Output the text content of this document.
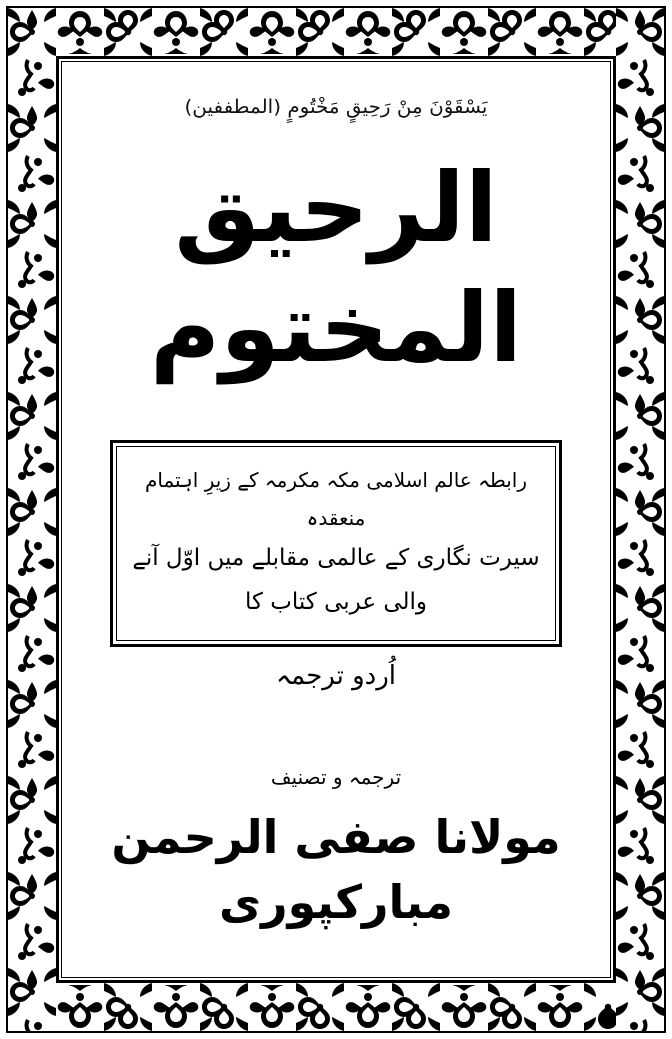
يَسْقَوْنَ مِنْ رَحِيقٍ مَخْتُومٍ (المطففين)
الرحيق المختوم
رابطہ عالم اسلامی مکہ مکرمہ کے زیرِ اہتمام منعقدہ
سیرت نگاری کے عالمی مقابلے میں اوّل آنے والی عربی کتاب کا
اُردو ترجمہ
ترجمہ و تصنیف
مولانا صفی الرحمن مبارکپوری
